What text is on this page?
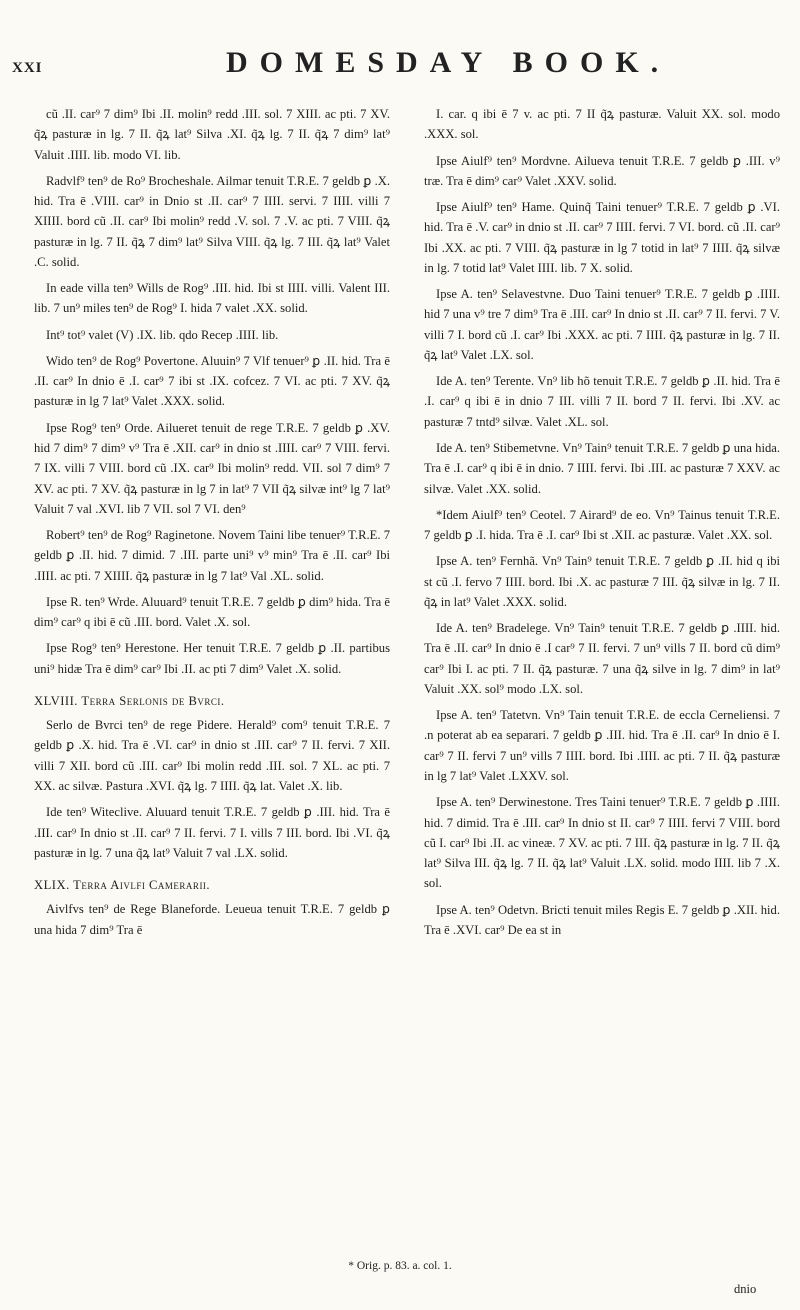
XXI	DOMESDAY BOOK.

cũ .II. car⁹ 7 dim⁹ Ibi .II. molin⁹ redd .III. sol. 7 XIII. ac pti. 7 XV. q̃ꝝ pasturæ in lg. 7 II. q̃ꝝ lat⁹ Silva .XI. q̃ꝝ lg. 7 II. q̃ꝝ 7 dim⁹ lat⁹ Valuit .IIII. lib. modo VI. lib.

Radvlf⁹ ten⁹ de Ro⁹ Brocheshale. Ailmar tenuit T.R.E. 7 geldb ꝑ .X. hid. Tra ē .VIII. car⁹ in Dnio st .II. car⁹ 7 IIII. servi. 7 IIII. villi 7 XIIII. bord cũ .II. car⁹ Ibi molin⁹ redd .V. sol. 7 .V. ac pti. 7 VIII. q̃ꝝ pasturæ in lg. 7 II. q̃ꝝ 7 dim⁹ lat⁹ Silva VIII. q̃ꝝ lg. 7 III. q̃ꝝ lat⁹ Valet .C. solid.

In eade villa ten⁹ Wills de Rog⁹ .III. hid. Ibi st IIII. villi. Valent III. lib. 7 un⁹ miles ten⁹ de Rog⁹ I. hida 7 valet .XX. solid.

Int⁹ tot⁹ valet (V) .IX. lib. qdo Recep .IIII. lib.

Wido ten⁹ de Rog⁹ Povertone. Aluuin⁹ 7 Vlf tenuer⁹ ꝑ .II. hid. Tra ē .II. car⁹ In dnio ē .I. car⁹ 7 ibi st .IX. cofcez. 7 VI. ac pti. 7 XV. q̃ꝝ pasturæ in lg 7 lat⁹ Valet .XXX. solid.

Ipse Rog⁹ ten⁹ Orde. Ailueret tenuit de rege T.R.E. 7 geldb ꝑ .XV. hid 7 dim⁹ 7 dim⁹ v⁹ Tra ē .XII. car⁹ in dnio st .IIII. car⁹ 7 VIII. fervi. 7 IX. villi 7 VIII. bord cũ .IX. car⁹ Ibi molin⁹ redd. VII. sol 7 dim⁹ 7 XV. ac pti. 7 XV. q̃ꝝ pasturæ in lg 7 in lat⁹ 7 VII q̃ꝝ silvæ int⁹ lg 7 lat⁹ Valuit 7 val .XVI. lib 7 VII. sol 7 VI. den⁹

Robert⁹ ten⁹ de Rog⁹ Raginetone. Novem Taini libe tenuer⁹ T.R.E. 7 geldb ꝑ .II. hid. 7 dimid. 7 .III. parte uni⁹ v⁹ min⁹ Tra ē .II. car⁹ Ibi .IIII. ac pti. 7 XIIII. q̃ꝝ pasturæ in lg 7 lat⁹ Val .XL. solid.

Ipse R. ten⁹ Wrde. Aluuard⁹ tenuit T.R.E. 7 geldb ꝑ dim⁹ hida. Tra ē dim⁹ car⁹ q ibi ē cũ .III. bord. Valet .X. sol.

Ipse Rog⁹ ten⁹ Herestone. Her tenuit T.R.E. 7 geldb ꝑ .II. partibus uni⁹ hidæ Tra ē dim⁹ car⁹ Ibi .II. ac pti 7 dim⁹ Valet .X. solid.

XLVIII. Terra Serlonis de Bvrci.

Serlo de Bvrci ten⁹ de rege Pidere. Herald⁹ com⁹ tenuit T.R.E. 7 geldb ꝑ .X. hid. Tra ē .VI. car⁹ in dnio st .III. car⁹ 7 II. fervi. 7 XII. villi 7 XII. bord cũ .III. car⁹ Ibi molin redd .III. sol. 7 XL. ac pti. 7 XX. ac silvæ. Pastura .XVI. q̃ꝝ lg. 7 IIII. q̃ꝝ lat. Valet .X. lib.

Ide ten⁹ Witeclive. Aluuard tenuit T.R.E. 7 geldb ꝑ .III. hid. Tra ē .III. car⁹ In dnio st .II. car⁹ 7 II. fervi. 7 I. vills 7 III. bord. Ibi .VI. q̃ꝝ pasturæ in lg. 7 una q̃ꝝ lat⁹ Valuit 7 val .LX. solid.

XLIX. Terra Aivlfi Camerarii.

Aivlfvs ten⁹ de Rege Blaneforde. Leueua tenuit T.R.E. 7 geldb ꝑ una hida 7 dim⁹ Tra ē

I. car. q ibi ē 7 v. ac pti. 7 II q̃ꝝ pasturæ. Valuit XX. sol. modo .XXX. sol.

Ipse Aiulf⁹ ten⁹ Mordvne. Ailueva tenuit T.R.E. 7 geldb ꝑ .III. v⁹ træ. Tra ē dim⁹ car⁹ Valet .XXV. solid.

Ipse Aiulf⁹ ten⁹ Hame. Quinq̃ Taini tenuer⁹ T.R.E. 7 geldb ꝑ .VI. hid. Tra ē .V. car⁹ in dnio st .II. car⁹ 7 IIII. fervi. 7 VI. bord. cũ .II. car⁹ Ibi .XX. ac pti. 7 VIII. q̃ꝝ pasturæ in lg 7 totid in lat⁹ 7 IIII. q̃ꝝ silvæ in lg. 7 totid lat⁹ Valet IIII. lib. 7 X. solid.

Ipse A. ten⁹ Selavestvne. Duo Taini tenuer⁹ T.R.E. 7 geldb ꝑ .IIII. hid 7 una v⁹ tre 7 dim⁹ Tra ē .III. car⁹ In dnio st .II. car⁹ 7 II. fervi. 7 V. villi 7 I. bord cũ .I. car⁹ Ibi .XXX. ac pti. 7 IIII. q̃ꝝ pasturæ in lg. 7 II. q̃ꝝ lat⁹ Valet .LX. sol.

Ide A. ten⁹ Terente. Vn⁹ lib hõ tenuit T.R.E. 7 geldb ꝑ .II. hid. Tra ē .I. car⁹ q ibi ē in dnio 7 III. villi 7 II. bord 7 II. fervi. Ibi .XV. ac pasturæ 7 tntd⁹ silvæ. Valet .XL. sol.

Ide A. ten⁹ Stibemetvne. Vn⁹ Tain⁹ tenuit T.R.E. 7 geldb ꝑ una hida. Tra ē .I. car⁹ q ibi ē in dnio. 7 IIII. fervi. Ibi .III. ac pasturæ 7 XXV. ac silvæ. Valet .XX. solid.

*Idem Aiulf⁹ ten⁹ Ceotel. 7 Airard⁹ de eo. Vn⁹ Tainus tenuit T.R.E. 7 geldb ꝑ .I. hida. Tra ē .I. car⁹ Ibi st .XII. ac pasturæ. Valet .XX. sol.

Ipse A. ten⁹ Fernhã. Vn⁹ Tain⁹ tenuit T.R.E. 7 geldb ꝑ .II. hid q ibi st cũ .I. fervo 7 IIII. bord. Ibi .X. ac pasturæ 7 III. q̃ꝝ silvæ in lg. 7 II. q̃ꝝ in lat⁹ Valet .XXX. solid.

Ide A. ten⁹ Bradelege. Vn⁹ Tain⁹ tenuit T.R.E. 7 geldb ꝑ .IIII. hid. Tra ē .II. car⁹ In dnio ē .I car⁹ 7 II. fervi. 7 un⁹ vills 7 II. bord cũ dim⁹ car⁹ Ibi I. ac pti. 7 II. q̃ꝝ pasturæ. 7 una q̃ꝝ silve in lg. 7 dim⁹ in lat⁹ Valuit .XX. sol⁹ modo .LX. sol.

Ipse A. ten⁹ Tatetvn. Vn⁹ Tain tenuit T.R.E. de eccla Cerneliensi. 7 .n poterat ab ea separari. 7 geldb ꝑ .III. hid. Tra ē .II. car⁹ In dnio ē I. car⁹ 7 II. fervi 7 un⁹ vills 7 IIII. bord. Ibi .IIII. ac pti. 7 II. q̃ꝝ pasturæ in lg 7 lat⁹ Valet .LXXV. sol.

Ipse A. ten⁹ Derwinestone. Tres Taini tenuer⁹ T.R.E. 7 geldb ꝑ .IIII. hid. 7 dimid. Tra ē .III. car⁹ In dnio st II. car⁹ 7 IIII. fervi 7 VIII. bord cũ I. car⁹ Ibi .II. ac vineæ. 7 XV. ac pti. 7 III. q̃ꝝ pasturæ in lg. 7 II. q̃ꝝ lat⁹ Silva III. q̃ꝝ lg. 7 II. q̃ꝝ lat⁹ Valuit .LX. solid. modo IIII. lib 7 .X. sol.

Ipse A. ten⁹ Odetvn. Bricti tenuit miles Regis E. 7 geldb ꝑ .XII. hid. Tra ē .XVI. car⁹ De ea st in

* Orig. p. 83. a. col. 1.
dnio
